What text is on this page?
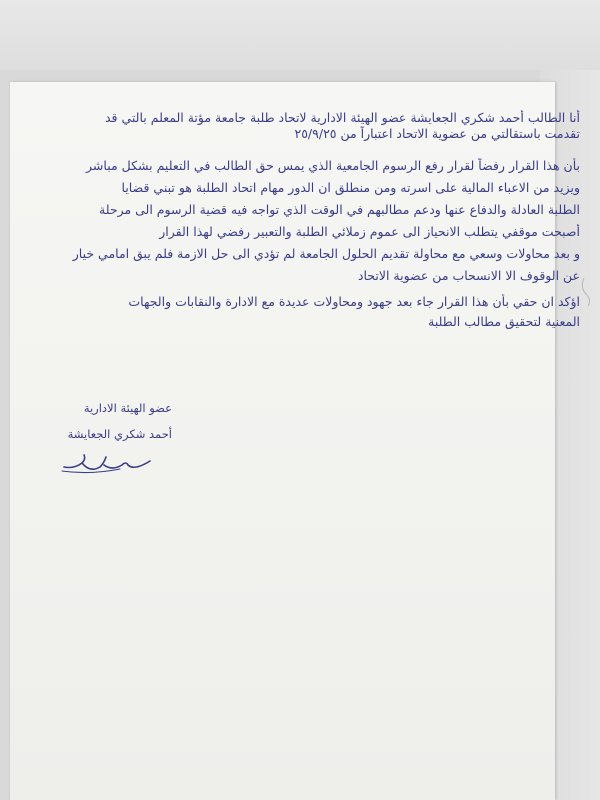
أنا الطالب أحمد شكري الجعايشة عضو الهيئة الادارية لاتحاد طلبة جامعة مؤتة المعلم بالتي قد
تقدمت باستقالتي من عضوية الاتحاد اعتباراً من ٢٥/٩/٢٥
بأن هذا القرار رفضاً لقرار رفع الرسوم الجامعية الذي يمس حق الطالب في التعليم بشكل مباشر
ويزيد من الاعباء المالية على اسرته ومن منطلق ان الدور مهام اتحاد الطلبة هو تبني قضايا
الطلبة العادلة والدفاع عنها ودعم مطالبهم في الوقت الذي تواجه فيه قضية الرسوم الى مرحلة
أصبحت موقفي يتطلب الانحياز الى عموم زملائي الطلبة والتعبير رفضي لهذا القرار
و بعد محاولات وسعي مع محاولة تقديم الحلول الجامعة لم تؤدي الى حل الازمة فلم يبق امامي خيار
عن الوقوف الا الانسحاب من عضوية الاتحاد
اؤكد ان حقي بأن هذا القرار جاء بعد جهود ومحاولات عديدة مع الادارة والنقابات والجهات
المعنية لتحقيق مطالب الطلبة
عضو الهيئة الادارية
أحمد شكري الجعايشة
